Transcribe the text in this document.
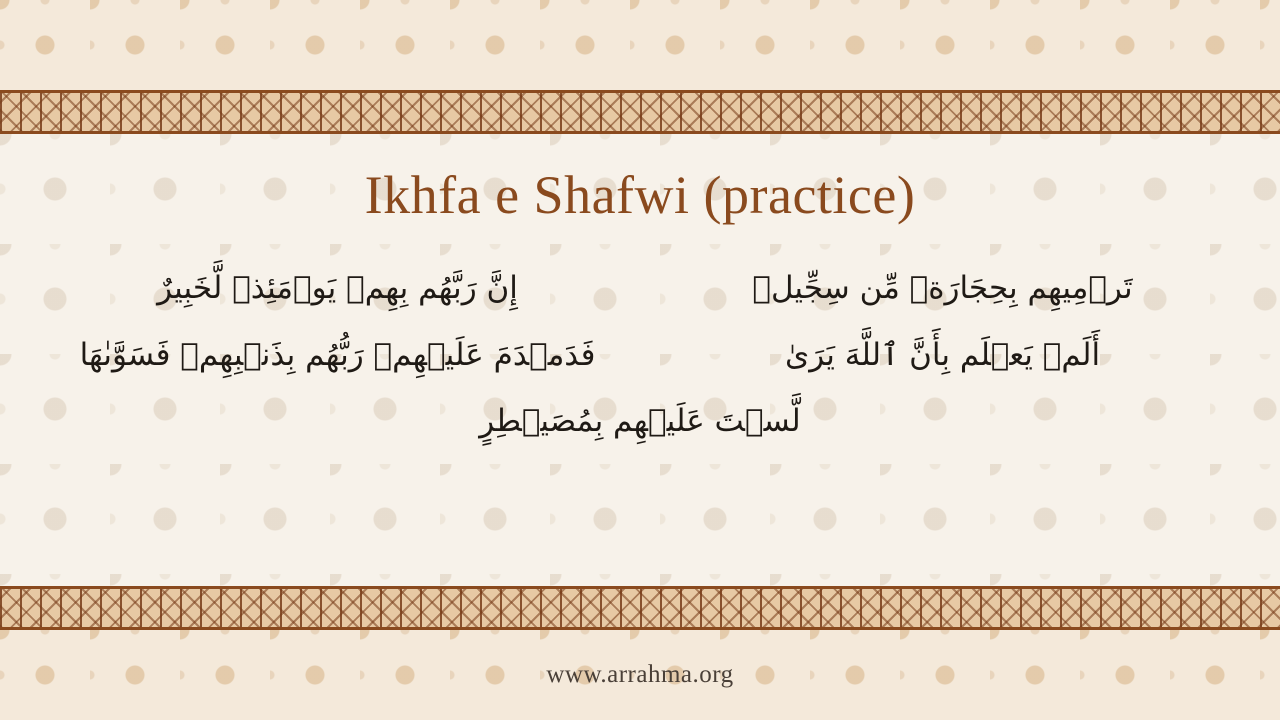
Ikhfa e Shafwi (practice)
تَرۡمِيهِم بِحِجَارَةٖ مِّن سِجِّيلٖ
إِنَّ رَبَّهُم بِهِمۡ يَوۡمَئِذٖ لَّخَبِيرٌ
أَلَمۡ يَعۡلَم بِأَنَّ ٱللَّهَ يَرَىٰ
فَدَمۡدَمَ عَلَيۡهِمۡ رَبُّهُم بِذَنۢبِهِمۡ فَسَوَّىٰهَا
لَّسۡتَ عَلَيۡهِم بِمُصَيۡطِرٍ
www.arrahma.org
